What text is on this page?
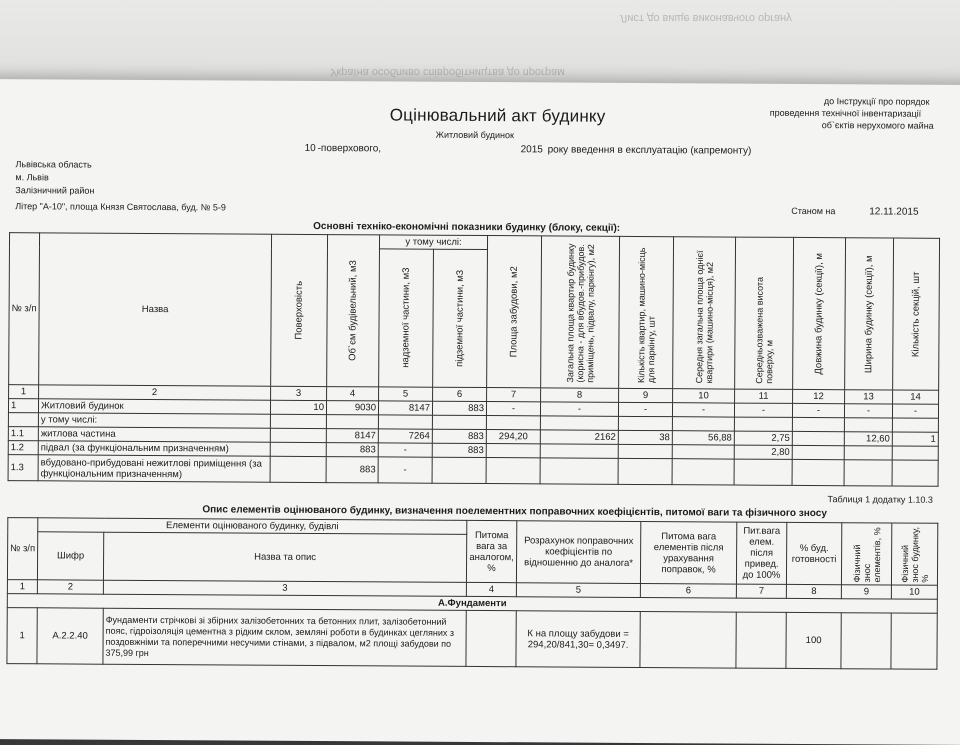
Україна особливо співробітництва до програм
Лист до вище виконавчого органу
до Інструкції про порядок
проведення технічної інвентаризації
об`єктів нерухомого майна
Оцінювальний акт будинку
Житловий будинок
10 -поверхового,	2015 року введення в експлуатацію (капремонту)
Львівська область
м. Львів
Залізничний район
Літер "А-10", площа Князя Святослава, буд. № 5-9	Станом на	12.11.2015
Основні техніко-економічні показники будинку (блоку, секції):
№ з/п	Назва	Поверховість	Об`єм будівельний, м3	у тому числі:		Площа забудови, м2	Загальна площа квартир будинку (корисна - для вбудов.-прибудов. приміщень, підвалу, паркінгу), м2	Кількість квартир, машино-місць для паркінгу, шт	Середня загальна площа однієї квартири (машино-місця), м2	Середньозважена висота поверху, м	Довжина будинку (секції), м	Ширина будинку (секції), м	Кількість секцій, шт

				надземної частини, м3	підземної частини, м3								

1	2	3	4	5	6	7	8	9	10	11	12	13	14
1	Житловий будинок	10	9030	8147	883	-	-	-	-	-	-	-	-
	у тому числі:												
1.1	житлова частина		8147	7264	883	294,20	2162	38	56,88	2,75		12,60	1
1.2	підвал (за функціональним призначенням)		883	-	883					2,80			
1.3	вбудовано-прибудовані нежитлові приміщення (за функціональним призначенням)		883	-									
Таблиця 1 додатку 1.10.3
Опис елементів оцінюваного будинку, визначення поелементних поправочних коефіцієнтів, питомої ваги та фізичного зносу
№ з/п	Елементи оцінюваного будинку, будівлі		Питома вага за аналогом, %	Розрахунок поправочних коефіцієнтів по відношенню до аналога*	Питома вага елементів після урахування поправок, %	Пит.вага елем. після привед. до 100%	% буд. готовності	Фізичний знос елементів, %	Фізичний знос будинку, %

	Шифр	Назва та опис							
1	2	3	4	5	6	7	8	9	10
А.Фундаменти									
1	А.2.2.40	Фундаменти стрічкові зі збірних залізобетонних та бетонних плит, залізобетонний пояс, гідроізоляція цементна з рідким склом, земляні роботи в будинках цегляних з поздовжніми та поперечними несучими стінами, з підвалом, м2 площі забудови по 375,99 грн		К на площу забудови = 294,20/841,30= 0,3497.			100		
